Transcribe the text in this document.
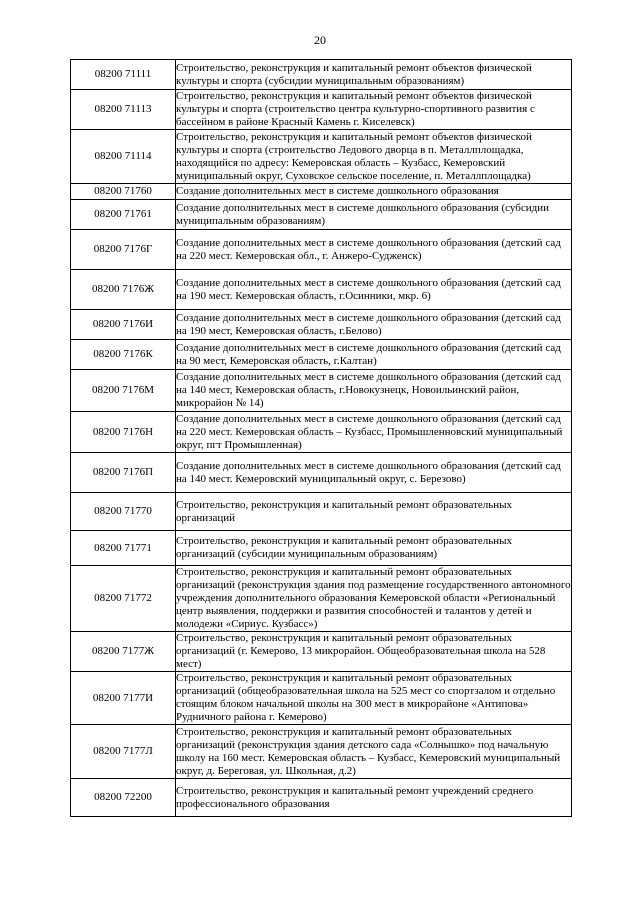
20
08200 71111	Строительство, реконструкция и капитальный ремонт объектов физической культуры и спорта (субсидии муниципальным образованиям)
08200 71113	Строительство, реконструкция и капитальный ремонт объектов физической культуры и спорта (строительство центра культурно-спортивного развития с бассейном в районе Красный Камень г. Киселевск)
08200 71114	Строительство, реконструкция и капитальный ремонт объектов физической культуры и спорта (строительство Ледового дворца в п. Металлплощадка, находящийся по адресу: Кемеровская область – Кузбасс, Кемеровский муниципальный округ, Суховское сельское поселение, п. Металлплощадка)
08200 71760	Создание дополнительных мест в системе дошкольного образования
08200 71761	Создание дополнительных мест в системе дошкольного образования (субсидии муниципальным образованиям)
08200 7176Г	Создание дополнительных мест в системе дошкольного образования (детский сад на 220 мест. Кемеровская обл., г. Анжеро-Судженск)
08200 7176Ж	Создание дополнительных мест в системе дошкольного образования (детский сад на 190 мест. Кемеровская область, г.Осинники, мкр. 6)
08200 7176И	Создание дополнительных мест в системе дошкольного образования (детский сад на 190 мест, Кемеровская область, г.Белово)
08200 7176К	Создание дополнительных мест в системе дошкольного образования (детский сад на 90 мест, Кемеровская область, г.Калтан)
08200 7176М	Создание дополнительных мест в системе дошкольного образования (детский сад на 140 мест, Кемеровская область, г.Новокузнецк, Новоильинский район, микрорайон № 14)
08200 7176Н	Создание дополнительных мест в системе дошкольного образования (детский сад на 220 мест. Кемеровская область – Кузбасс, Промышленновский муниципальный округ, пгт Промышленная)
08200 7176П	Создание дополнительных мест в системе дошкольного образования (детский сад на 140 мест. Кемеровский муниципальный округ, с. Березово)
08200 71770	Строительство, реконструкция и капитальный ремонт образовательных организаций
08200 71771	Строительство, реконструкция и капитальный ремонт образовательных организаций (субсидии муниципальным образованиям)
08200 71772	Строительство, реконструкция и капитальный ремонт образовательных организаций (реконструкция здания под размещение государственного автономного учреждения дополнительного образования Кемеровской области «Региональный центр выявления, поддержки и развития способностей и талантов у детей и молодежи «Сириус. Кузбасс»)
08200 7177Ж	Строительство, реконструкция и капитальный ремонт образовательных организаций (г. Кемерово, 13 микрорайон. Общеобразовательная школа на 528 мест)
08200 7177И	Строительство, реконструкция и капитальный ремонт образовательных организаций (общеобразовательная школа на 525 мест со спортзалом и отдельно стоящим блоком начальной школы на 300 мест в микрорайоне «Антипова» Рудничного района г. Кемерово)
08200 7177Л	Строительство, реконструкция и капитальный ремонт образовательных организаций (реконструкция здания детского сада «Солнышко» под начальную школу на 160 мест. Кемеровская область – Кузбасс, Кемеровский муниципальный округ, д. Береговая, ул. Школьная, д.2)
08200 72200	Строительство, реконструкция и капитальный ремонт учреждений среднего профессионального образования
